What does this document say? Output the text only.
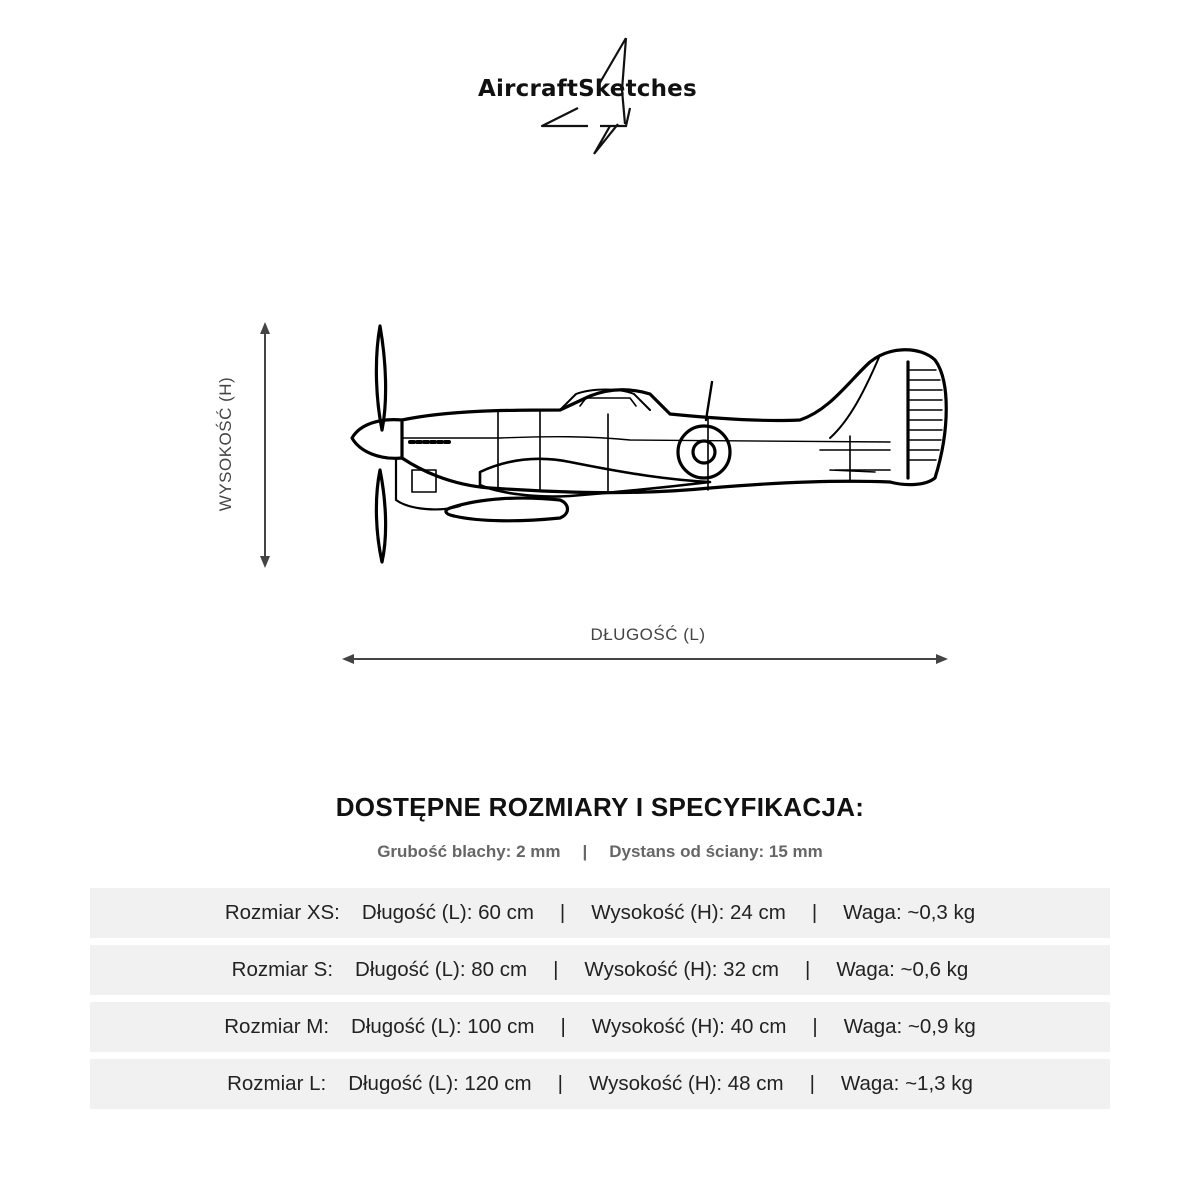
AircraftSketches
WYSOKOŚĆ (H)
DŁUGOŚĆ (L)
DOSTĘPNE ROZMIARY I SPECYFIKACJA:
Grubość blachy: 2 mm | Dystans od ściany: 15 mm
Rozmiar XS: Długość (L): 60 cm | Wysokość (H): 24 cm | Waga: ~0,3 kg
Rozmiar S: Długość (L): 80 cm | Wysokość (H): 32 cm | Waga: ~0,6 kg
Rozmiar M: Długość (L): 100 cm | Wysokość (H): 40 cm | Waga: ~0,9 kg
Rozmiar L: Długość (L): 120 cm | Wysokość (H): 48 cm | Waga: ~1,3 kg
